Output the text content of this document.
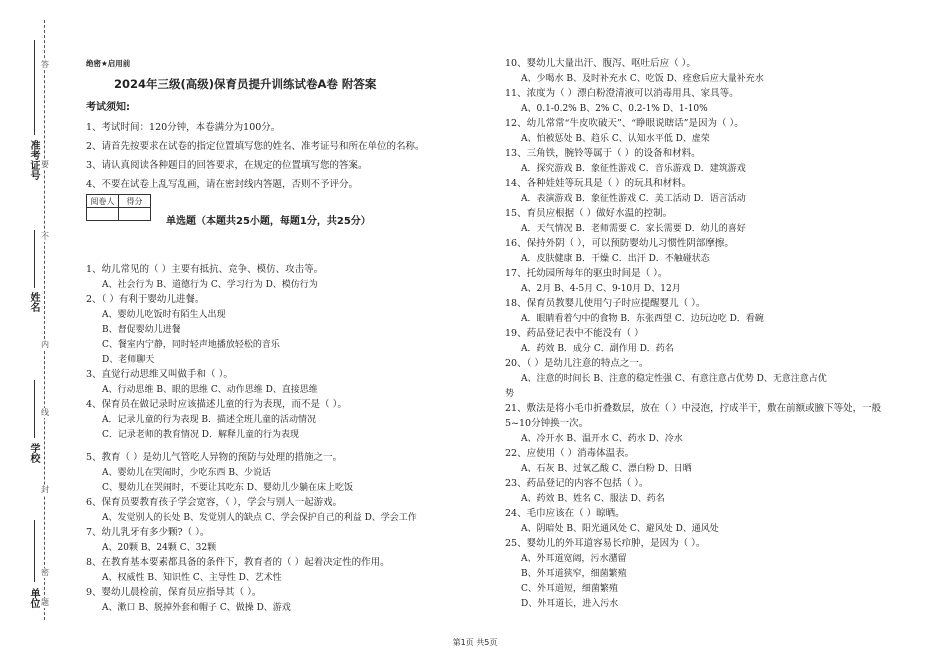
准考证号
姓名
学校
单位
密
封
线
内
不
要
答
题
绝密★启用前
2024年三级(高级)保育员提升训练试卷A卷 附答案
考试须知:
1、考试时间：120分钟，本卷满分为100分。
2、请首先按要求在试卷的指定位置填写您的姓名、准考证号和所在单位的名称。
3、请认真阅读各种题目的回答要求，在规定的位置填写您的答案。
4、不要在试卷上乱写乱画，请在密封线内答题，否则不予评分。
阅卷人	得分

单选题（本题共25小题，每题1分，共25分）
1、幼儿常见的（ ）主要有抵抗、竞争、模仿、攻击等。
A、社会行为 B、道德行为 C、学习行为 D、模仿行为
2、（ ）有利于婴幼儿进餐。
A、婴幼儿吃饭时有陌生人出现
B、督促婴幼儿进餐
C、餐室内宁静，同时轻声地播放轻松的音乐
D、老师聊天
3、直觉行动思维又叫做手和（ ）。
A、行动思维 B、眼的思维 C、动作思维 D、直接思维
4、保育员在做记录时应该描述儿童的行为表现，而不是（ ）。
A．记录儿童的行为表现 B．描述全班儿童的活动情况
C．记录老师的教育情况 D．解释儿童的行为表现
5、教育（ ）是幼儿气管吃人异物的预防与处理的措施之一。
A、婴幼儿在哭闹时，少吃东西 B、少说话
C、婴幼儿在哭闹时，不要让其吃东 D、婴幼儿少躺在床上吃饭
6、保育员要教育孩子学会宽容，（ ），学会与别人一起游戏。
A、发觉别人的长处 B、发觉别人的缺点 C、学会保护自己的利益 D、学会工作
7、幼儿乳牙有多少颗?（ ）。
A、20颗 B、24颗 C、32颗
8、在教育基本要素都具备的条件下，教育者的（ ）起着决定性的作用。
A、权威性 B、知识性 C、主导性 D、艺术性
9、婴幼儿晨检前，保育员应指导其（ ）。
A、漱口 B、脱掉外套和帽子 C、做操 D、游戏
10、婴幼儿大量出汗、腹泻、呕吐后应（ ）。
A、少喝水 B、及时补充水 C、吃饭 D、痊愈后应大量补充水
11、浓度为（ ）漂白粉澄清液可以消毒用具、家具等。
A、0.1-0.2% B、2% C、0.2-1% D、1-10%
12、幼儿常常“牛皮吹破天”、“睁眼说瞎话”是因为（ ）。
A、怕被惩处 B、趋乐 C、认知水平低 D、虚荣
13、三角铁，腕铃等属于（ ）的设备和材料。
A．探究游戏 B．象征性游戏 C．音乐游戏 D．建筑游戏
14、各种娃娃等玩具是（ ）的玩具和材料。
A．表演游戏 B．象征性游戏 C．美工活动 D．语言活动
15、育员应根据（ ）做好水温的控制。
A．天气情况 B．老师需要 C．家长需要 D．幼儿的喜好
16、保持外阴（ ），可以预防婴幼儿习惯性阴部摩擦。
A．皮肤健康 B．干燥 C．出汗 D．不触碰状态
17、托幼园所每年的驱虫时间是（ ）。
A、2月 B、4-5月 C、9-10月 D、12月
18、保育员教婴儿使用勺子时应提醒婴儿（ ）。
A．眼睛看着勺中的食物 B．东张西望 C．边玩边吃 D．看碗
19、药品登记表中不能没有（ ）
A．药效 B．成分 C．副作用 D．药名
20、（ ）是幼儿注意的特点之一。
A、注意的时间长 B、注意的稳定性强 C、有意注意占优势 D、无意注意占优
势
21、敷法是将小毛巾折叠数层，放在（ ）中浸泡，拧成半干，敷在前额或腋下等处，一般
5~10分钟换一次。
A、冷开水 B、温开水 C、药水 D、冷水
22、应使用（ ）消毒体温表。
A、石灰 B、过氧乙酸 C、漂白粉 D、日晒
23、药品登记的内容不包括（ ）。
A、药效 B、姓名 C、服法 D、药名
24、毛巾应该在（ ）晾晒。
A、阴暗处 B、阳光通风处 C、避风处 D、通风处
25、婴幼儿的外耳道容易长疖肿，是因为（ ）。
A、外耳道宽阔，污水潴留
B、外耳道狭窄，细菌繁殖
C、外耳道短，细菌繁殖
D、外耳道长，进入污水
第1页 共5页
